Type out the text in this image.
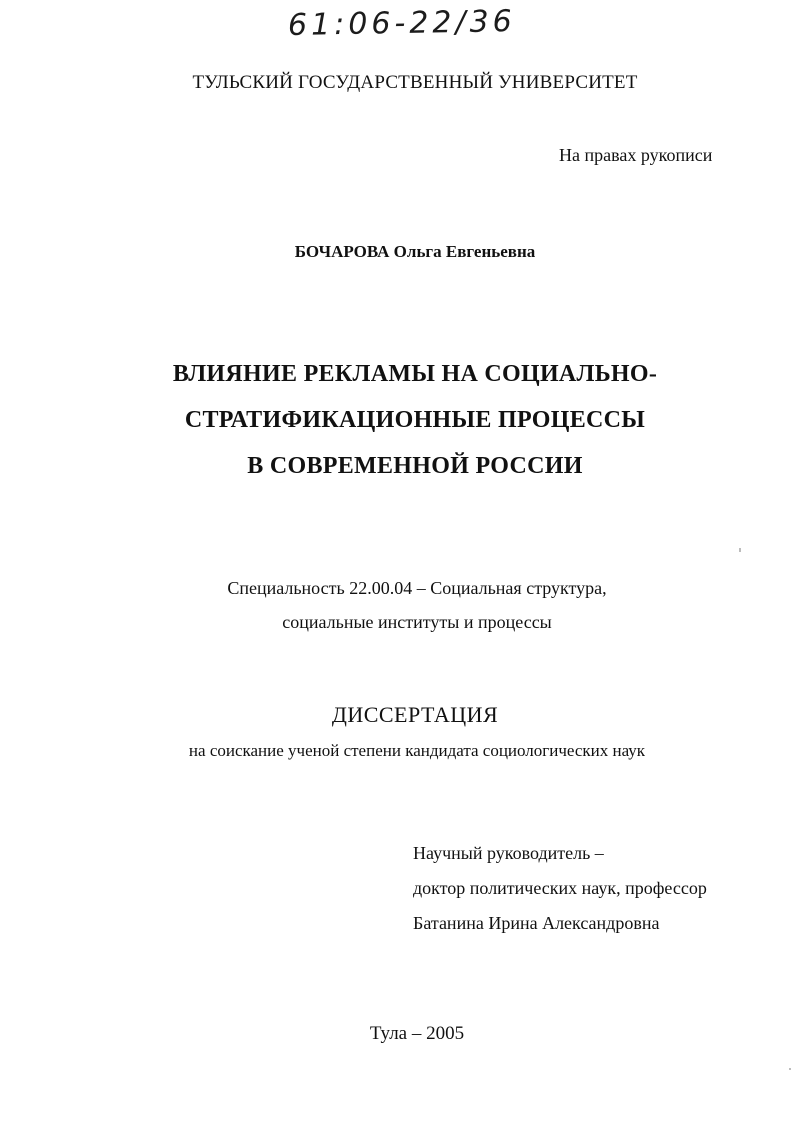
61:06-22/36
ТУЛЬСКИЙ ГОСУДАРСТВЕННЫЙ УНИВЕРСИТЕТ
На правах рукописи
БОЧАРОВА Ольга Евгеньевна
ВЛИЯНИЕ РЕКЛАМЫ НА СОЦИАЛЬНО-
СТРАТИФИКАЦИОННЫЕ ПРОЦЕССЫ
В СОВРЕМЕННОЙ РОССИИ
Специальность 22.00.04 – Социальная структура,
социальные институты и процессы
ДИССЕРТАЦИЯ
на соискание ученой степени кандидата социологических наук
Научный руководитель –
доктор политических наук, профессор
Батанина Ирина Александровна
Тула – 2005
